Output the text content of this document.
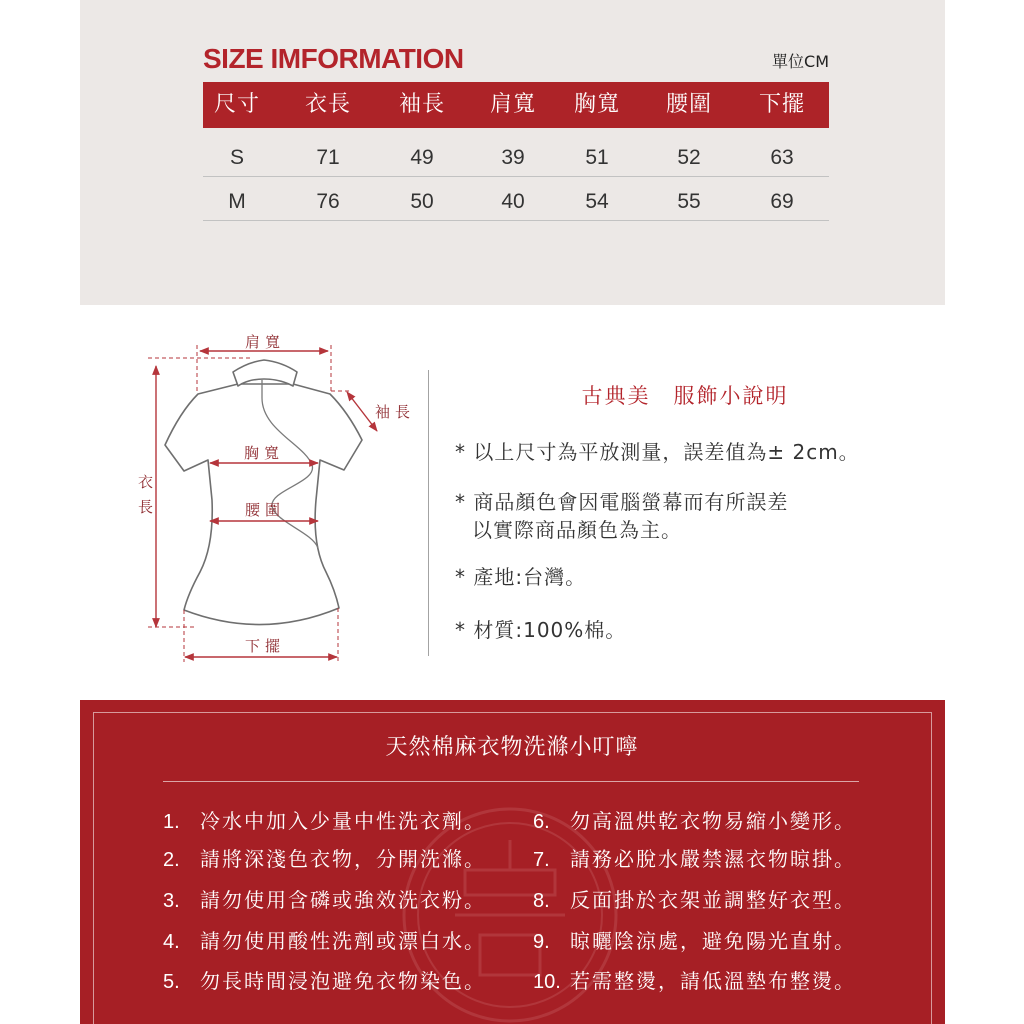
SIZE IMFORMATION	單位CM
尺寸	衣長	袖長	肩寬	胸寬	腰圍	下擺
S	71	49	39	51	52	63
M	76	50	40	54	55	69
肩寬
袖長
胸寬
腰圍
下擺
衣長
古典美　服飾小說明
* 以上尺寸為平放測量，誤差值為± 2cm。
* 商品顏色會因電腦螢幕而有所誤差
以實際商品顏色為主。
* 產地:台灣。
* 材質:100%棉。
天然棉麻衣物洗滌小叮嚀
1. 冷水中加入少量中性洗衣劑。
2. 請將深淺色衣物，分開洗滌。
3. 請勿使用含磷或強效洗衣粉。
4. 請勿使用酸性洗劑或漂白水。
5. 勿長時間浸泡避免衣物染色。
6. 勿高溫烘乾衣物易縮小變形。
7. 請務必脫水嚴禁濕衣物晾掛。
8. 反面掛於衣架並調整好衣型。
9. 晾曬陰涼處，避免陽光直射。
10. 若需整燙，請低溫墊布整燙。
